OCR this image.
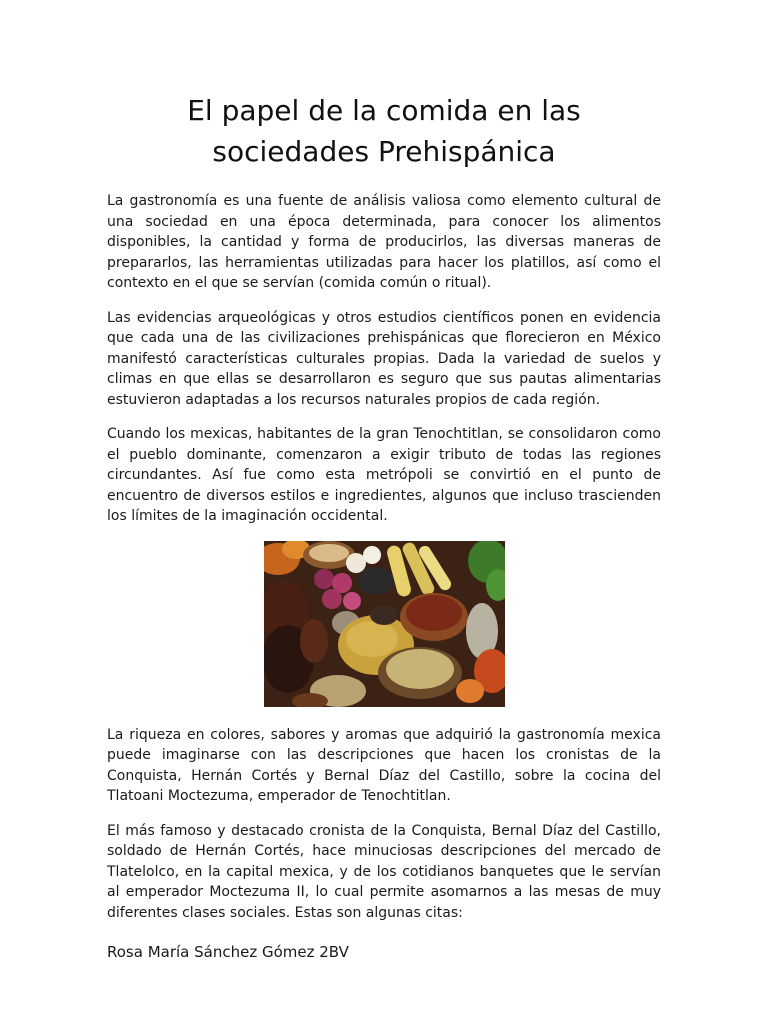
El papel de la comida en las
sociedades Prehispánica

La gastronomía es una fuente de análisis valiosa como elemento cultural de una sociedad en una época determinada, para conocer los alimentos disponibles, la cantidad y forma de producirlos, las diversas maneras de prepararlos, las herramientas utilizadas para hacer los platillos, así como el contexto en el que se servían (comida común o ritual).

Las evidencias arqueológicas y otros estudios científicos ponen en evidencia que cada una de las civilizaciones prehispánicas que florecieron en México manifestó características culturales propias. Dada la variedad de suelos y climas en que ellas se desarrollaron es seguro que sus pautas alimentarias estuvieron adaptadas a los recursos naturales propios de cada región.

Cuando los mexicas, habitantes de la gran Tenochtitlan, se consolidaron como el pueblo dominante, comenzaron a exigir tributo de todas las regiones circundantes. Así fue como esta metrópoli se convirtió en el punto de encuentro de diversos estilos e ingredientes, algunos que incluso trascienden los límites de la imaginación occidental.

La riqueza en colores, sabores y aromas que adquirió la gastronomía mexica puede imaginarse con las descripciones que hacen los cronistas de la Conquista, Hernán Cortés y Bernal Díaz del Castillo, sobre la cocina del Tlatoani Moctezuma, emperador de Tenochtitlan.

El más famoso y destacado cronista de la Conquista, Bernal Díaz del Castillo, soldado de Hernán Cortés, hace minuciosas descripciones del mercado de Tlatelolco, en la capital mexica, y de los cotidianos banquetes que le servían al emperador Moctezuma II, lo cual permite asomarnos a las mesas de muy diferentes clases sociales. Estas son algunas citas:

Rosa María Sánchez Gómez 2BV
